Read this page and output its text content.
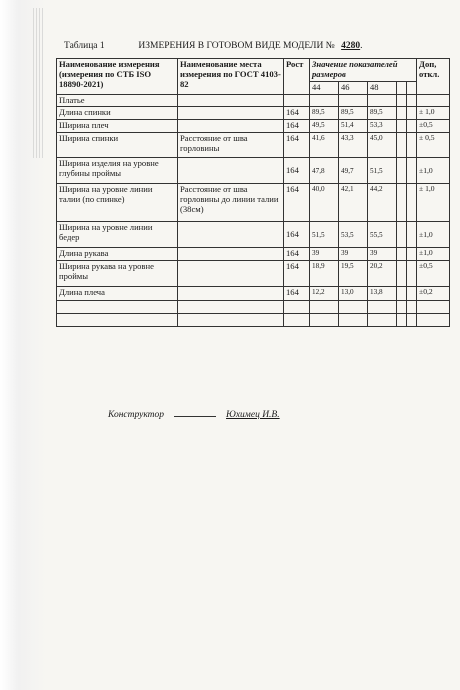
Таблица 1	ИЗМЕРЕНИЯ В ГОТОВОМ ВИДЕ МОДЕЛИ № 4280.
Наименование измерения (измерения по СТБ ISO 18890-2021)	Наименование места измерения по ГОСТ 4103-82	Рост	Значение показателей размеров					Доп, откл.
			44	46	48			
Платье								
Длина спинки		164	89,5	89,5	89,5			± 1,0
Ширина плеч		164	49,5	51,4	53,3			±0,5
Ширина спинки	Расстояние от шва горловины	164	41,6	43,3	45,0			± 0,5
Ширина изделия на уровне глубины проймы		164	47,8	49,7	51,5			±1,0
Ширина на уровне линии талии (по спинке)	Расстояние от шва горловины до линии талии (38см)	164	40,0	42,1	44,2			± 1,0
Ширина на уровне линии бедер		164	51,5	53,5	55,5			±1,0
Длина рукава		164	39	39	39			±1,0
Ширина рукава на уровне проймы		164	18,9	19,5	20,2			±0,5
Длина плеча		164	12,2	13,0	13,8			±0,2

Конструктор	Юхимец И.В.
